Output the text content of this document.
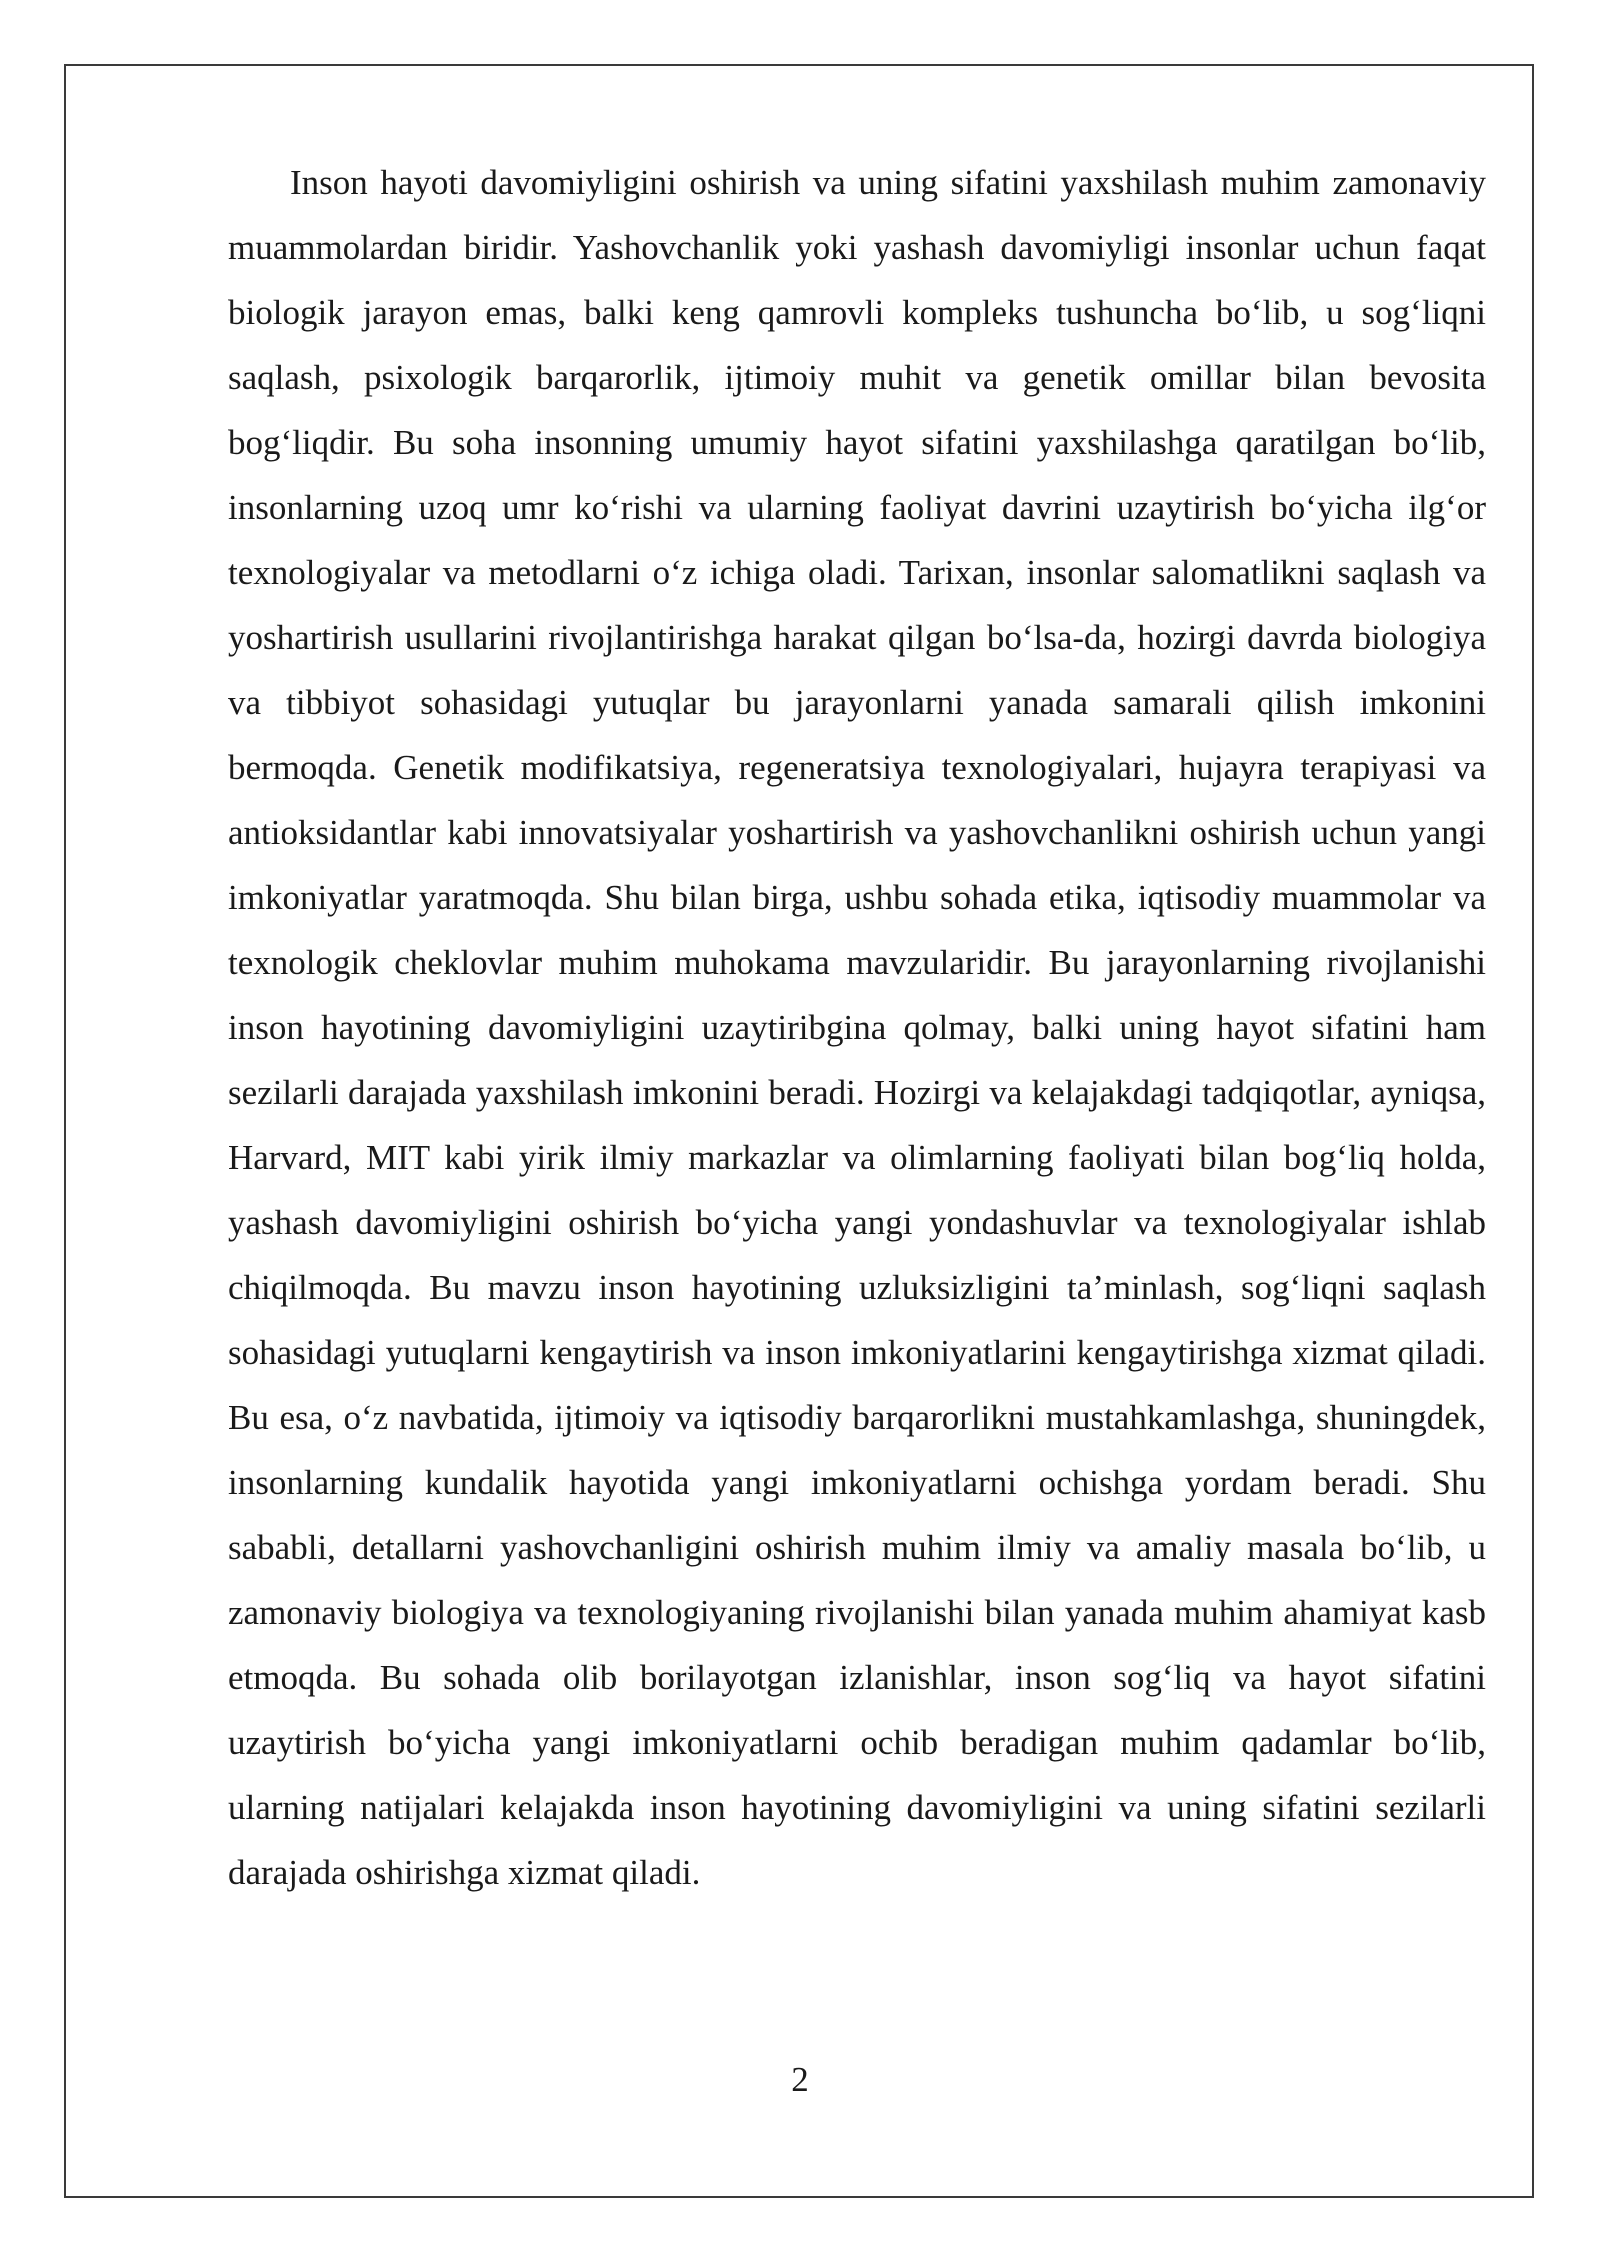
Inson hayoti davomiyligini oshirish va uning sifatini yaxshilash muhim zamonaviy muammolardan biridir. Yashovchanlik yoki yashash davomiyligi insonlar uchun faqat biologik jarayon emas, balki keng qamrovli kompleks tushuncha bo‘lib, u sog‘liqni saqlash, psixologik barqarorlik, ijtimoiy muhit va genetik omillar bilan bevosita bog‘liqdir. Bu soha insonning umumiy hayot sifatini yaxshilashga qaratilgan bo‘lib, insonlarning uzoq umr ko‘rishi va ularning faoliyat davrini uzaytirish bo‘yicha ilg‘or texnologiyalar va metodlarni o‘z ichiga oladi. Tarixan, insonlar salomatlikni saqlash va yoshartirish usullarini rivojlantirishga harakat qilgan bo‘lsa-da, hozirgi davrda biologiya va tibbiyot sohasidagi yutuqlar bu jarayonlarni yanada samarali qilish imkonini bermoqda. Genetik modifikatsiya, regeneratsiya texnologiyalari, hujayra terapiyasi va antioksidantlar kabi innovatsiyalar yoshartirish va yashovchanlikni oshirish uchun yangi imkoniyatlar yaratmoqda. Shu bilan birga, ushbu sohada etika, iqtisodiy muammolar va texnologik cheklovlar muhim muhokama mavzularidir. Bu jarayonlarning rivojlanishi inson hayotining davomiyligini uzaytiribgina qolmay, balki uning hayot sifatini ham sezilarli darajada yaxshilash imkonini beradi. Hozirgi va kelajakdagi tadqiqotlar, ayniqsa, Harvard, MIT kabi yirik ilmiy markazlar va olimlarning faoliyati bilan bog‘liq holda, yashash davomiyligini oshirish bo‘yicha yangi yondashuvlar va texnologiyalar ishlab chiqilmoqda. Bu mavzu inson hayotining uzluksizligini ta’minlash, sog‘liqni saqlash sohasidagi yutuqlarni kengaytirish va inson imkoniyatlarini kengaytirishga xizmat qiladi. Bu esa, o‘z navbatida, ijtimoiy va iqtisodiy barqarorlikni mustahkamlashga, shuningdek, insonlarning kundalik hayotida yangi imkoniyatlarni ochishga yordam beradi. Shu sababli, detallarni yashovchanligini oshirish muhim ilmiy va amaliy masala bo‘lib, u zamonaviy biologiya va texnologiyaning rivojlanishi bilan yanada muhim ahamiyat kasb etmoqda. Bu sohada olib borilayotgan izlanishlar, inson sog‘liq va hayot sifatini uzaytirish bo‘yicha yangi imkoniyatlarni ochib beradigan muhim qadamlar bo‘lib, ularning natijalari kelajakda inson hayotining davomiyligini va uning sifatini sezilarli darajada oshirishga xizmat qiladi.

2
